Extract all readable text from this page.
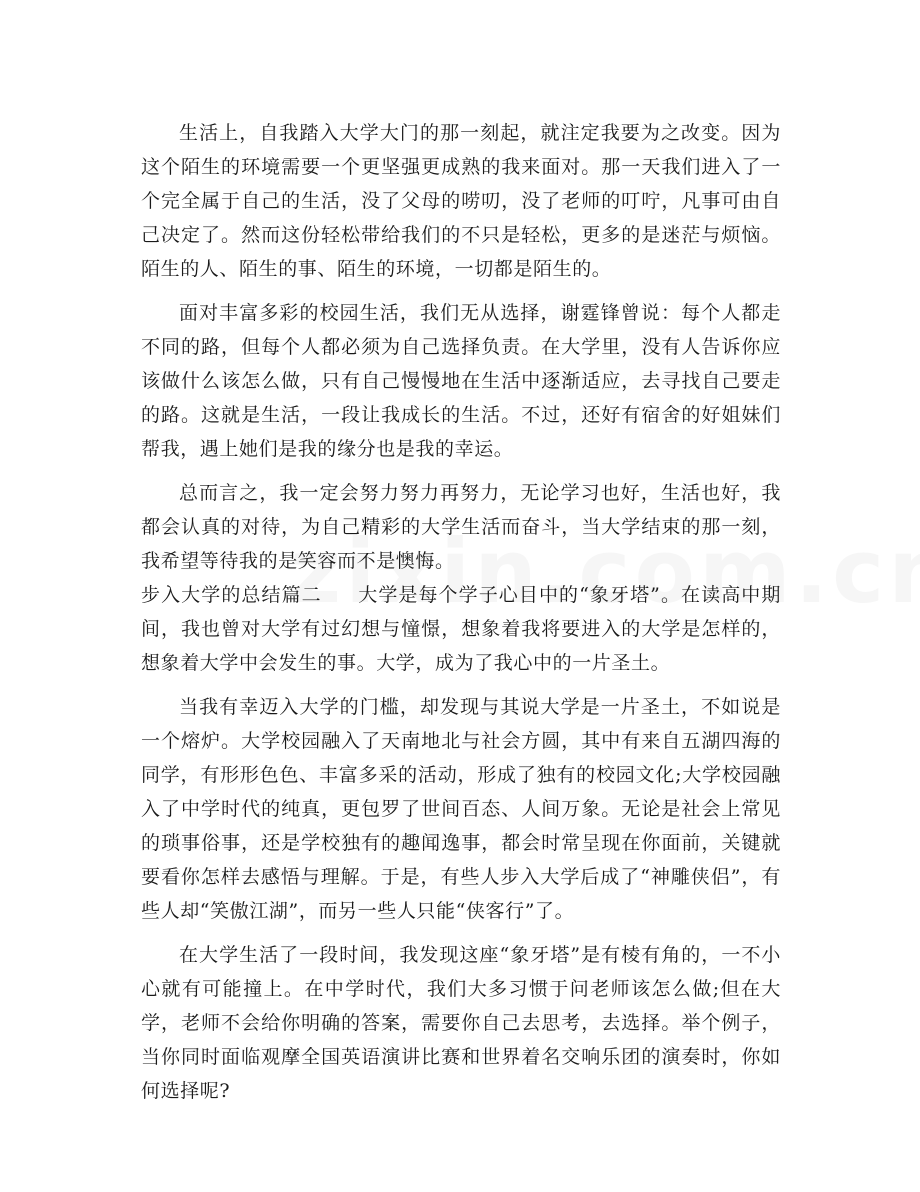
生活上，自我踏入大学大门的那一刻起，就注定我要为之改变。因为这个陌生的环境需要一个更坚强更成熟的我来面对。那一天我们进入了一个完全属于自己的生活，没了父母的唠叨，没了老师的叮咛，凡事可由自己决定了。然而这份轻松带给我们的不只是轻松，更多的是迷茫与烦恼。陌生的人、陌生的事、陌生的环境，一切都是陌生的。

面对丰富多彩的校园生活，我们无从选择，谢霆锋曾说：每个人都走不同的路，但每个人都必须为自己选择负责。在大学里，没有人告诉你应该做什么该怎么做，只有自己慢慢地在生活中逐渐适应，去寻找自己要走的路。这就是生活，一段让我成长的生活。不过，还好有宿舍的好姐妹们帮我，遇上她们是我的缘分也是我的幸运。

总而言之，我一定会努力努力再努力，无论学习也好，生活也好，我都会认真的对待，为自己精彩的大学生活而奋斗，当大学结束的那一刻，我希望等待我的是笑容而不是懊悔。

步入大学的总结篇二 大学是每个学子心目中的“象牙塔”。在读高中期间，我也曾对大学有过幻想与憧憬，想象着我将要进入的大学是怎样的，想象着大学中会发生的事。大学，成为了我心中的一片圣土。

当我有幸迈入大学的门槛，却发现与其说大学是一片圣土，不如说是一个熔炉。大学校园融入了天南地北与社会方圆，其中有来自五湖四海的同学，有形形色色、丰富多采的活动，形成了独有的校园文化;大学校园融入了中学时代的纯真，更包罗了世间百态、人间万象。无论是社会上常见的琐事俗事，还是学校独有的趣闻逸事，都会时常呈现在你面前，关键就要看你怎样去感悟与理解。于是，有些人步入大学后成了“神雕侠侣”，有些人却“笑傲江湖”，而另一些人只能“侠客行”了。

在大学生活了一段时间，我发现这座“象牙塔”是有棱有角的，一不小心就有可能撞上。在中学时代，我们大多习惯于问老师该怎么做;但在大学，老师不会给你明确的答案，需要你自己去思考，去选择。举个例子，当你同时面临观摩全国英语演讲比赛和世界着名交响乐团的演奏时，你如何选择呢?
